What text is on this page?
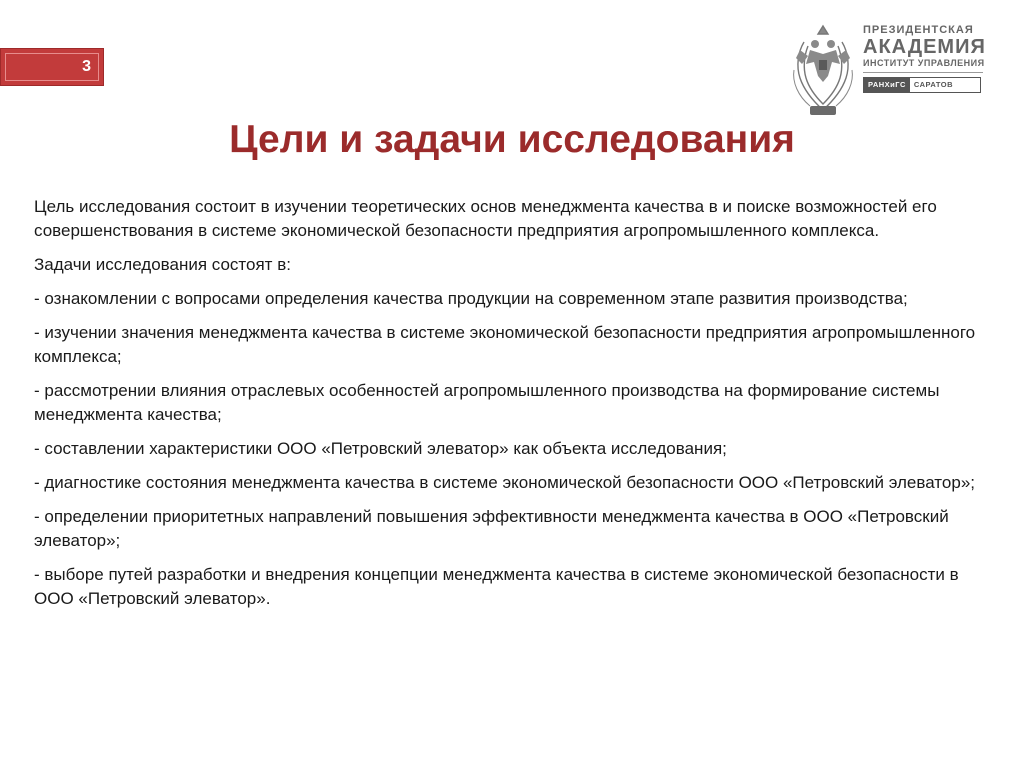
3
ПРЕЗИДЕНТСКАЯ
АКАДЕМИЯ
ИНСТИТУТ УПРАВЛЕНИЯ
РАНХиГС	САРАТОВ
Цели и задачи исследования

Цель исследования состоит в изучении теоретических основ менеджмента качества в и поиске возможностей его совершенствования в системе экономической безопасности предприятия агропромышленного комплекса.

Задачи исследования состоят в:

- ознакомлении с вопросами определения качества продукции на современном этапе развития производства;

- изучении значения менеджмента качества в системе экономической безопасности предприятия агропромышленного комплекса;

- рассмотрении влияния отраслевых особенностей агропромышленного производства на формирование системы менеджмента качества;

- составлении характеристики ООО «Петровский элеватор» как объекта исследования;

- диагностике состояния менеджмента качества в системе экономической безопасности ООО «Петровский элеватор»;

- определении приоритетных направлений повышения эффективности менеджмента качества в ООО «Петровский элеватор»;

- выборе путей разработки и внедрения концепции менеджмента качества в системе экономической безопасности в ООО «Петровский элеватор».
